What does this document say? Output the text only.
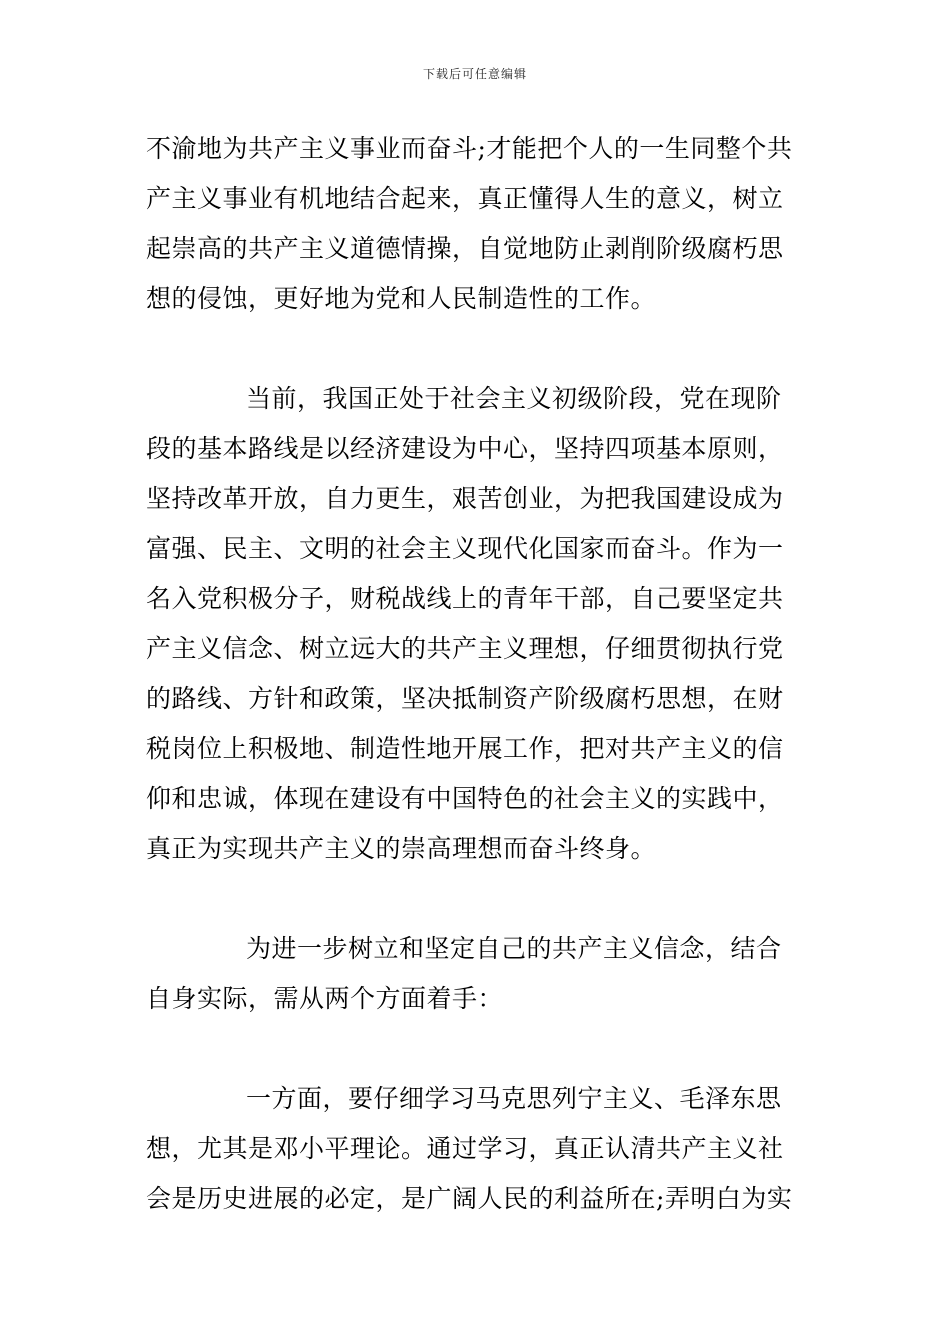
下载后可任意编辑

不渝地为共产主义事业而奋斗;才能把个人的一生同整个共
产主义事业有机地结合起来，真正懂得人生的意义，树立
起崇高的共产主义道德情操，自觉地防止剥削阶级腐朽思
想的侵蚀，更好地为党和人民制造性的工作。

当前，我国正处于社会主义初级阶段，党在现阶
段的基本路线是以经济建设为中心，坚持四项基本原则，
坚持改革开放，自力更生，艰苦创业，为把我国建设成为
富强、民主、文明的社会主义现代化国家而奋斗。作为一
名入党积极分子，财税战线上的青年干部，自己要坚定共
产主义信念、树立远大的共产主义理想，仔细贯彻执行党
的路线、方针和政策，坚决抵制资产阶级腐朽思想，在财
税岗位上积极地、制造性地开展工作，把对共产主义的信
仰和忠诚，体现在建设有中国特色的社会主义的实践中，
真正为实现共产主义的崇高理想而奋斗终身。

为进一步树立和坚定自己的共产主义信念，结合
自身实际，需从两个方面着手：

一方面，要仔细学习马克思列宁主义、毛泽东思
想，尤其是邓小平理论。通过学习，真正认清共产主义社
会是历史进展的必定，是广阔人民的利益所在;弄明白为实
